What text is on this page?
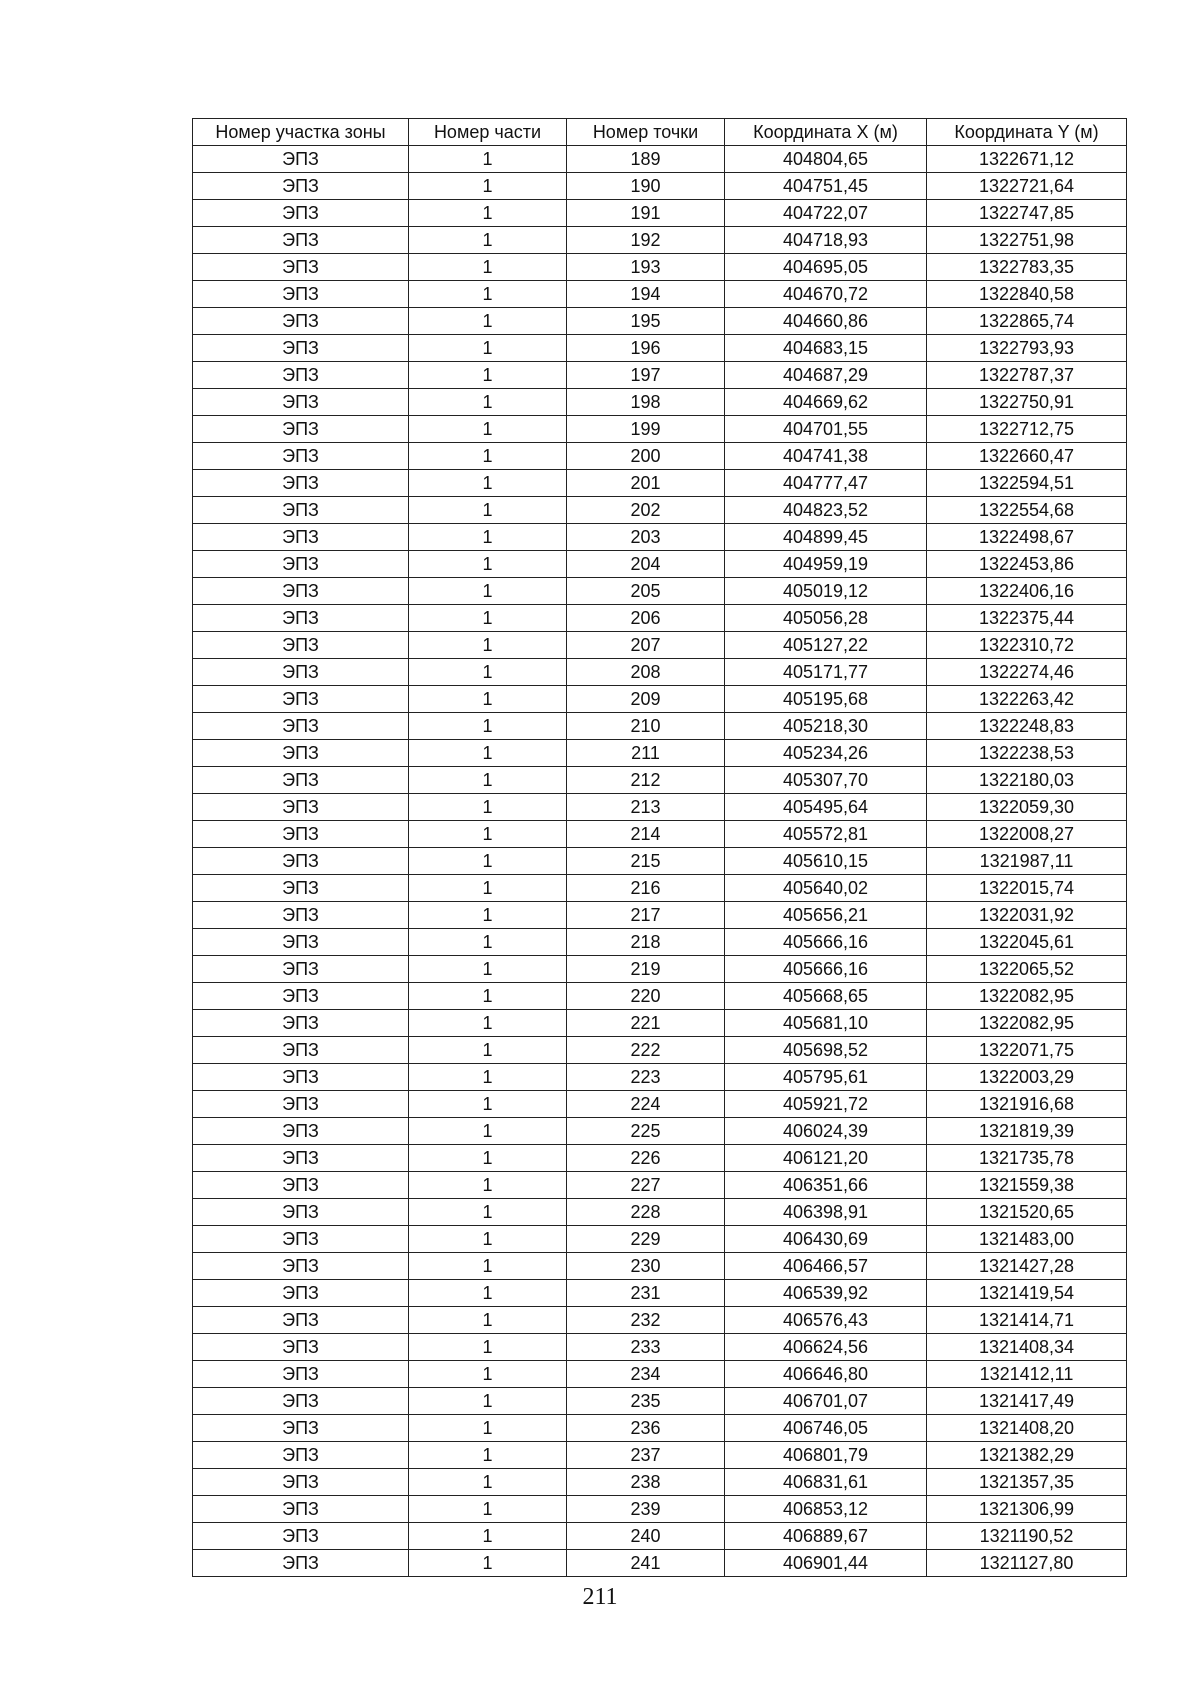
Номер участка зоны	Номер части	Номер точки	Координата X (м)	Координата Y (м)
ЭПЗ	1	189	404804,65	1322671,12
ЭПЗ	1	190	404751,45	1322721,64
ЭПЗ	1	191	404722,07	1322747,85
ЭПЗ	1	192	404718,93	1322751,98
ЭПЗ	1	193	404695,05	1322783,35
ЭПЗ	1	194	404670,72	1322840,58
ЭПЗ	1	195	404660,86	1322865,74
ЭПЗ	1	196	404683,15	1322793,93
ЭПЗ	1	197	404687,29	1322787,37
ЭПЗ	1	198	404669,62	1322750,91
ЭПЗ	1	199	404701,55	1322712,75
ЭПЗ	1	200	404741,38	1322660,47
ЭПЗ	1	201	404777,47	1322594,51
ЭПЗ	1	202	404823,52	1322554,68
ЭПЗ	1	203	404899,45	1322498,67
ЭПЗ	1	204	404959,19	1322453,86
ЭПЗ	1	205	405019,12	1322406,16
ЭПЗ	1	206	405056,28	1322375,44
ЭПЗ	1	207	405127,22	1322310,72
ЭПЗ	1	208	405171,77	1322274,46
ЭПЗ	1	209	405195,68	1322263,42
ЭПЗ	1	210	405218,30	1322248,83
ЭПЗ	1	211	405234,26	1322238,53
ЭПЗ	1	212	405307,70	1322180,03
ЭПЗ	1	213	405495,64	1322059,30
ЭПЗ	1	214	405572,81	1322008,27
ЭПЗ	1	215	405610,15	1321987,11
ЭПЗ	1	216	405640,02	1322015,74
ЭПЗ	1	217	405656,21	1322031,92
ЭПЗ	1	218	405666,16	1322045,61
ЭПЗ	1	219	405666,16	1322065,52
ЭПЗ	1	220	405668,65	1322082,95
ЭПЗ	1	221	405681,10	1322082,95
ЭПЗ	1	222	405698,52	1322071,75
ЭПЗ	1	223	405795,61	1322003,29
ЭПЗ	1	224	405921,72	1321916,68
ЭПЗ	1	225	406024,39	1321819,39
ЭПЗ	1	226	406121,20	1321735,78
ЭПЗ	1	227	406351,66	1321559,38
ЭПЗ	1	228	406398,91	1321520,65
ЭПЗ	1	229	406430,69	1321483,00
ЭПЗ	1	230	406466,57	1321427,28
ЭПЗ	1	231	406539,92	1321419,54
ЭПЗ	1	232	406576,43	1321414,71
ЭПЗ	1	233	406624,56	1321408,34
ЭПЗ	1	234	406646,80	1321412,11
ЭПЗ	1	235	406701,07	1321417,49
ЭПЗ	1	236	406746,05	1321408,20
ЭПЗ	1	237	406801,79	1321382,29
ЭПЗ	1	238	406831,61	1321357,35
ЭПЗ	1	239	406853,12	1321306,99
ЭПЗ	1	240	406889,67	1321190,52
ЭПЗ	1	241	406901,44	1321127,80
211
